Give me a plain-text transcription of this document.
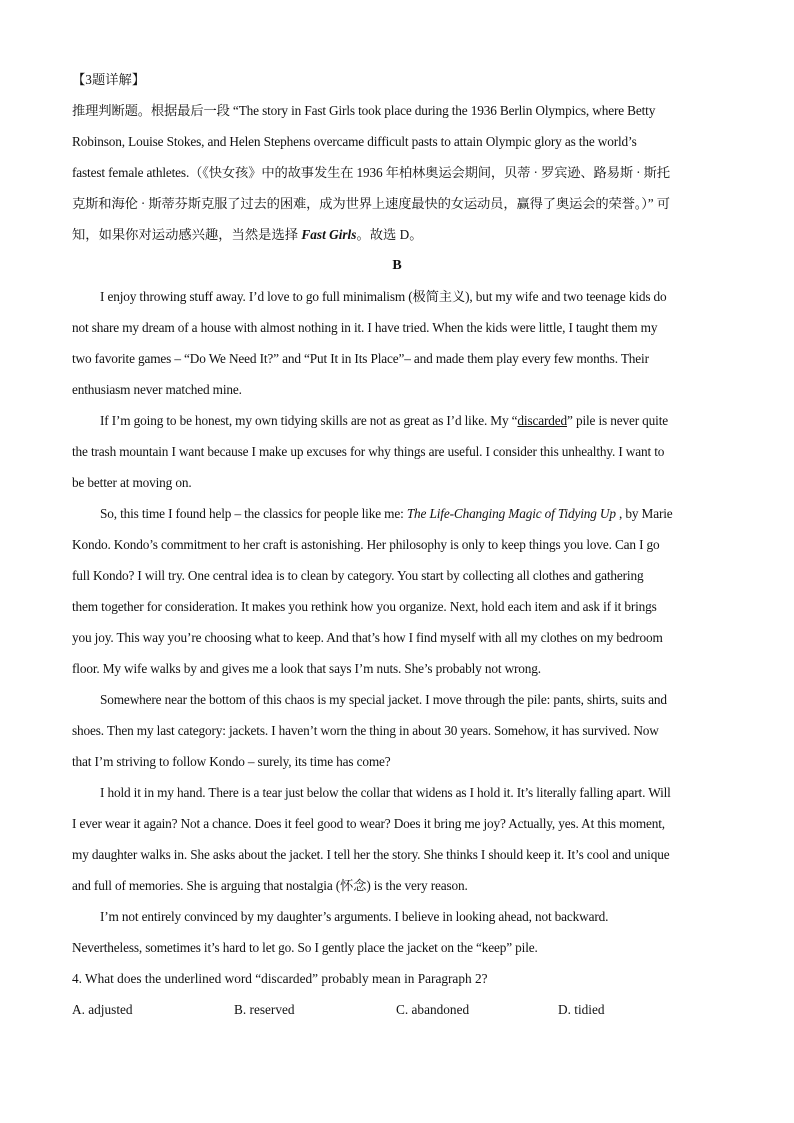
【3题详解】
推理判断题。根据最后一段 “The story in Fast Girls took place during the 1936 Berlin Olympics, where Betty
Robinson, Louise Stokes, and Helen Stephens overcame difficult pasts to attain Olympic glory as the world’s
fastest female athletes.（《快女孩》中的故事发生在 1936 年柏林奥运会期间，贝蒂 · 罗宾逊、路易斯 · 斯托
克斯和海伦 · 斯蒂芬斯克服了过去的困难，成为世界上速度最快的女运动员，赢得了奥运会的荣誉。）” 可
知，如果你对运动感兴趣，当然是选择 Fast Girls。故选 D。
B
I enjoy throwing stuff away. I’d love to go full minimalism (极简主义), but my wife and two teenage kids do
not share my dream of a house with almost nothing in it. I have tried. When the kids were little, I taught them my
two favorite games – “Do We Need It?” and “Put It in Its Place”– and made them play every few months. Their
enthusiasm never matched mine.
If I’m going to be honest, my own tidying skills are not as great as I’d like. My “discarded” pile is never quite
the trash mountain I want because I make up excuses for why things are useful. I consider this unhealthy. I want to
be better at moving on.
So, this time I found help – the classics for people like me: The Life-Changing Magic of Tidying Up , by Marie
Kondo. Kondo’s commitment to her craft is astonishing. Her philosophy is only to keep things you love. Can I go
full Kondo? I will try. One central idea is to clean by category. You start by collecting all clothes and gathering
them together for consideration. It makes you rethink how you organize. Next, hold each item and ask if it brings
you joy. This way you’re choosing what to keep. And that’s how I find myself with all my clothes on my bedroom
floor. My wife walks by and gives me a look that says I’m nuts. She’s probably not wrong.
Somewhere near the bottom of this chaos is my special jacket. I move through the pile: pants, shirts, suits and
shoes. Then my last category: jackets. I haven’t worn the thing in about 30 years. Somehow, it has survived. Now
that I’m striving to follow Kondo – surely, its time has come?
I hold it in my hand. There is a tear just below the collar that widens as I hold it. It’s literally falling apart. Will
I ever wear it again? Not a chance. Does it feel good to wear? Does it bring me joy? Actually, yes. At this moment,
my daughter walks in. She asks about the jacket. I tell her the story. She thinks I should keep it. It’s cool and unique
and full of memories. She is arguing that nostalgia (怀念) is the very reason.
I’m not entirely convinced by my daughter’s arguments. I believe in looking ahead, not backward.
Nevertheless, sometimes it’s hard to let go. So I gently place the jacket on the “keep” pile.
4. What does the underlined word “discarded” probably mean in Paragraph 2?
A. adjusted	B. reserved	C. abandoned	D. tidied
